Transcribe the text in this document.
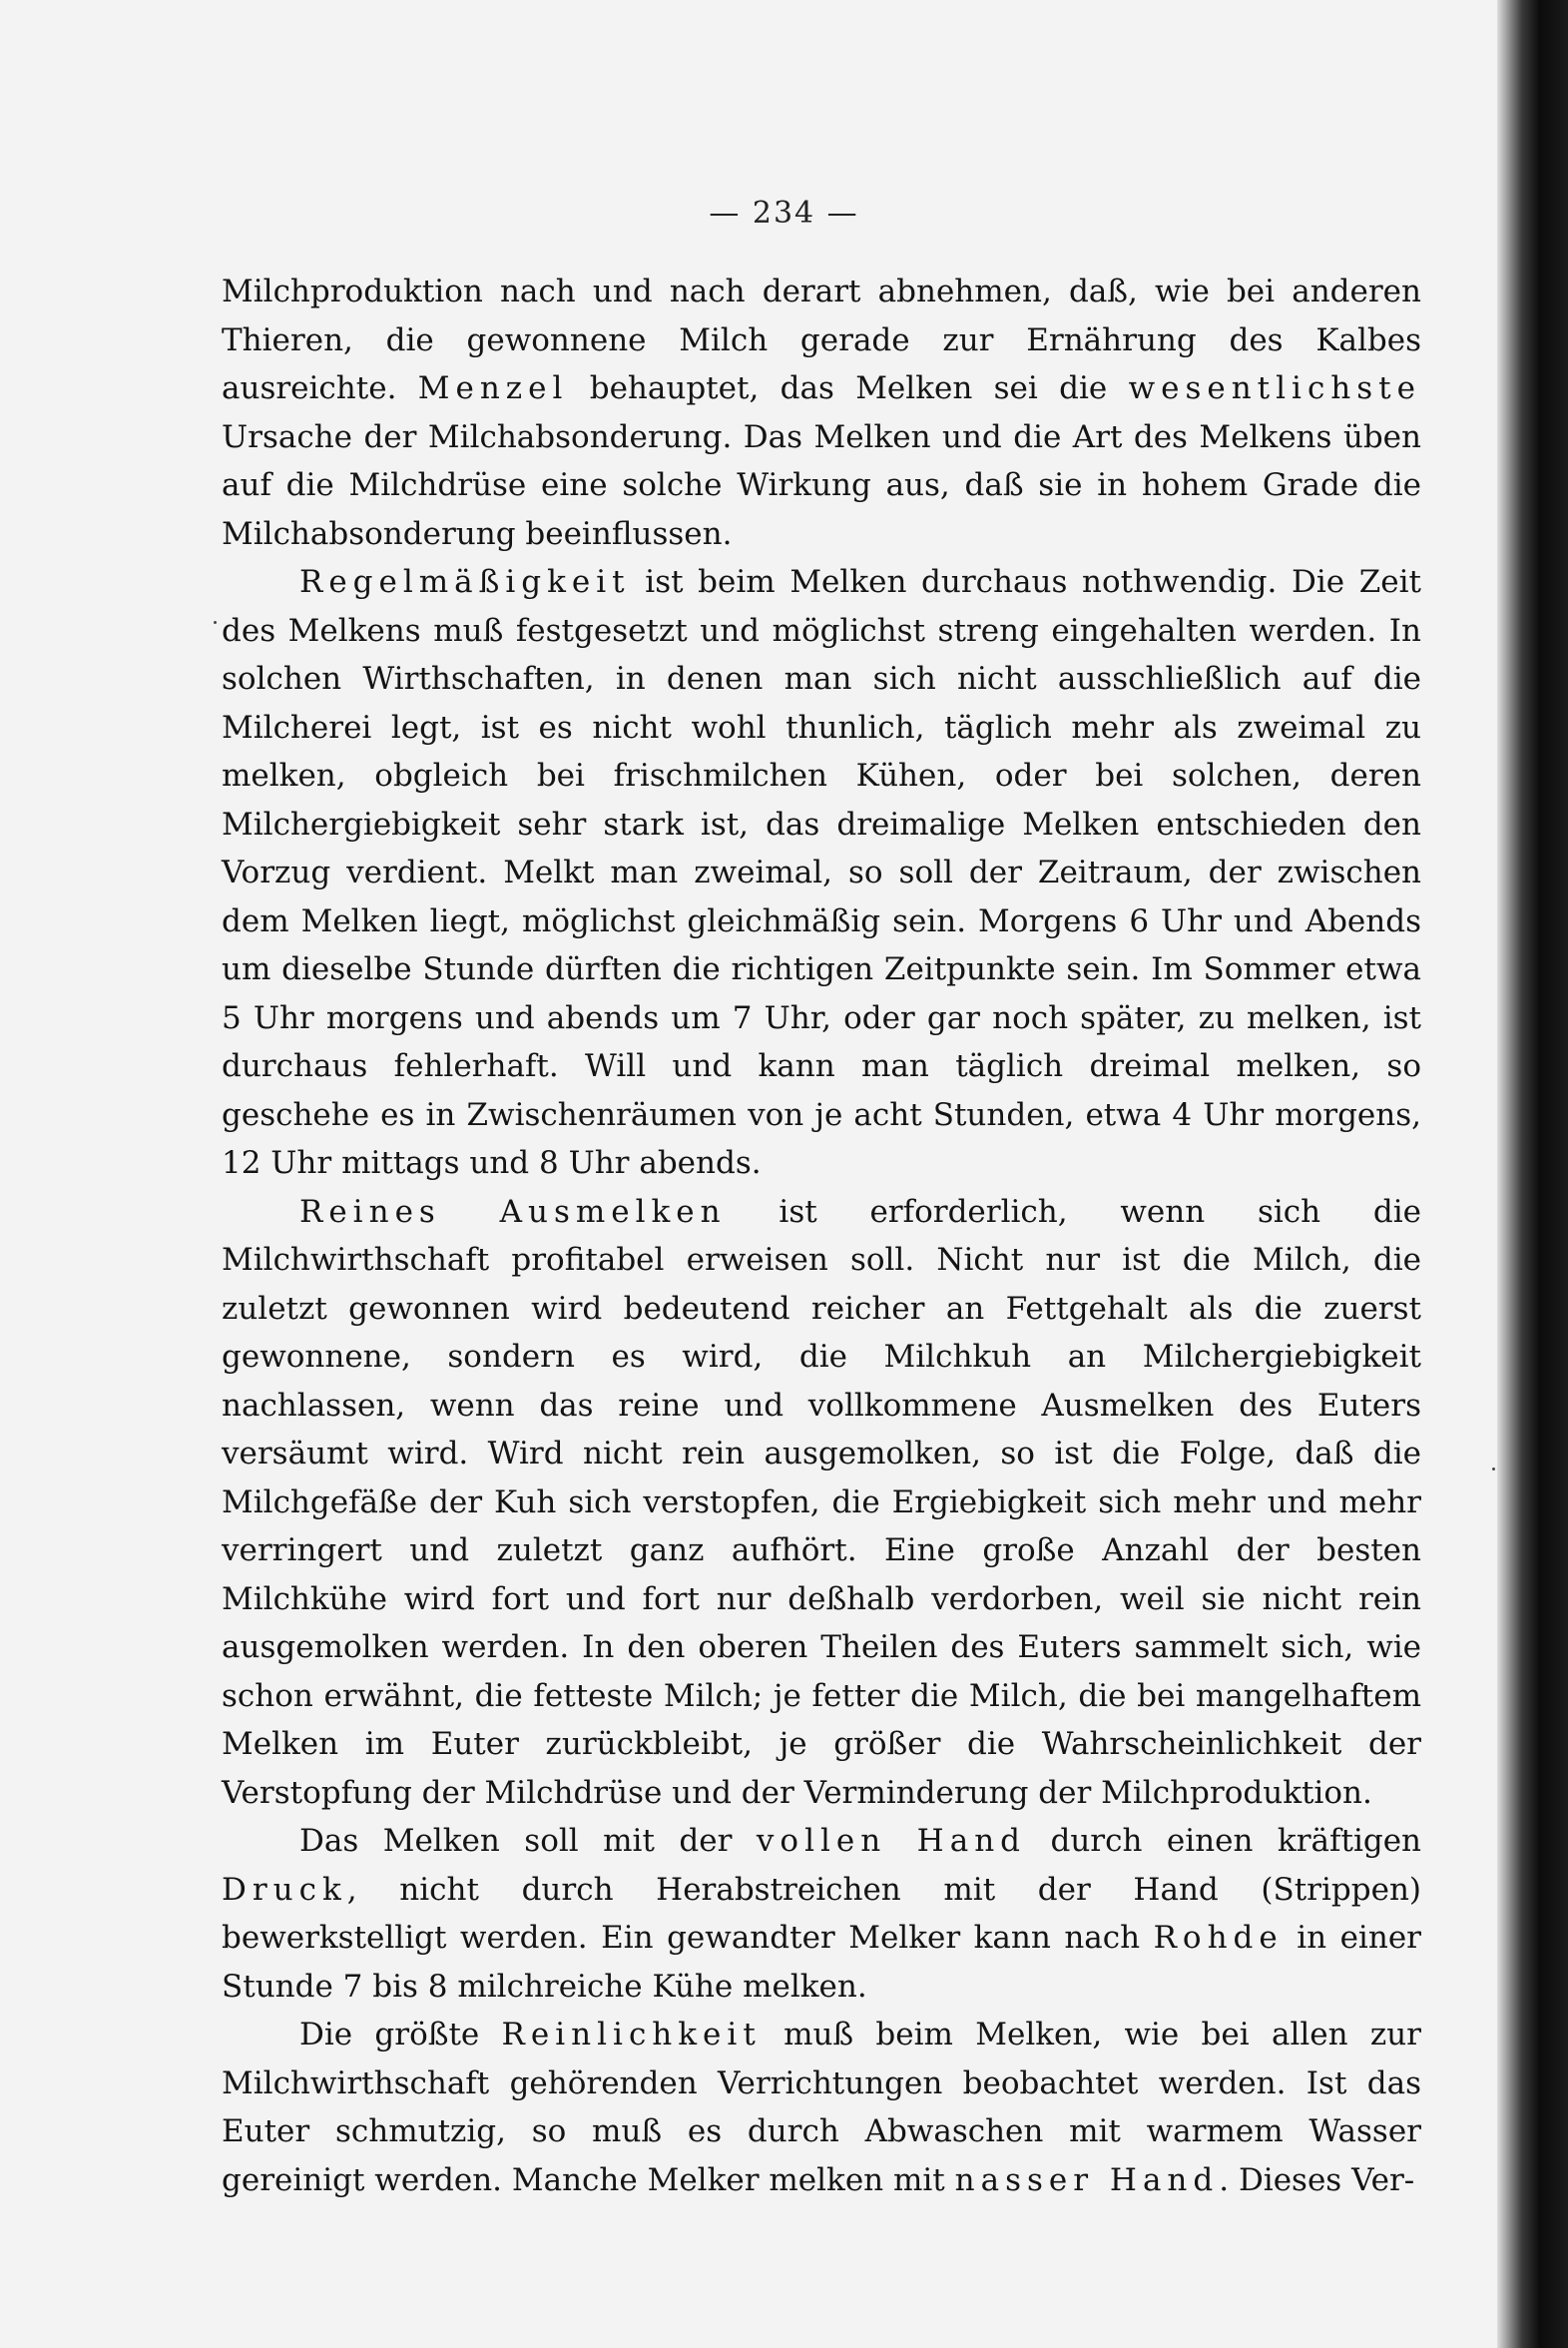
— 234 —

Milchproduktion nach und nach derart abnehmen, daß, wie bei anderen Thieren, die gewonnene Milch gerade zur Ernährung des Kalbes ausreichte. Menzel behauptet, das Melken sei die wesentlichste Ursache der Milchabsonderung. Das Melken und die Art des Melkens üben auf die Milchdrüse eine solche Wirkung aus, daß sie in hohem Grade die Milchabsonderung beeinflussen.

Regelmäßigkeit ist beim Melken durchaus nothwendig. Die Zeit des Melkens muß festgesetzt und möglichst streng eingehalten werden. In solchen Wirthschaften, in denen man sich nicht ausschließlich auf die Milcherei legt, ist es nicht wohl thunlich, täglich mehr als zweimal zu melken, obgleich bei frischmilchen Kühen, oder bei solchen, deren Milchergiebigkeit sehr stark ist, das dreimalige Melken entschieden den Vorzug verdient. Melkt man zweimal, so soll der Zeitraum, der zwischen dem Melken liegt, möglichst gleichmäßig sein. Morgens 6 Uhr und Abends um dieselbe Stunde dürften die richtigen Zeitpunkte sein. Im Sommer etwa 5 Uhr morgens und abends um 7 Uhr, oder gar noch später, zu melken, ist durchaus fehlerhaft. Will und kann man täglich dreimal melken, so geschehe es in Zwischenräumen von je acht Stunden, etwa 4 Uhr morgens, 12 Uhr mittags und 8 Uhr abends.

Reines Ausmelken ist erforderlich, wenn sich die Milchwirthschaft profitabel erweisen soll. Nicht nur ist die Milch, die zuletzt gewonnen wird bedeutend reicher an Fettgehalt als die zuerst gewonnene, sondern es wird, die Milchkuh an Milchergiebigkeit nachlassen, wenn das reine und vollkommene Ausmelken des Euters versäumt wird. Wird nicht rein ausgemolken, so ist die Folge, daß die Milchgefäße der Kuh sich verstopfen, die Ergiebigkeit sich mehr und mehr verringert und zuletzt ganz aufhört. Eine große Anzahl der besten Milchkühe wird fort und fort nur deßhalb verdorben, weil sie nicht rein ausgemolken werden. In den oberen Theilen des Euters sammelt sich, wie schon erwähnt, die fetteste Milch; je fetter die Milch, die bei mangelhaftem Melken im Euter zurückbleibt, je größer die Wahrscheinlichkeit der Verstopfung der Milchdrüse und der Verminderung der Milchproduktion.

Das Melken soll mit der vollen Hand durch einen kräftigen Druck, nicht durch Herabstreichen mit der Hand (Strippen) bewerkstelligt werden. Ein gewandter Melker kann nach Rohde in einer Stunde 7 bis 8 milchreiche Kühe melken.

Die größte Reinlichkeit muß beim Melken, wie bei allen zur Milchwirthschaft gehörenden Verrichtungen beobachtet werden. Ist das Euter schmutzig, so muß es durch Abwaschen mit warmem Wasser gereinigt werden. Manche Melker melken mit nasser Hand. Dieses Ver-
